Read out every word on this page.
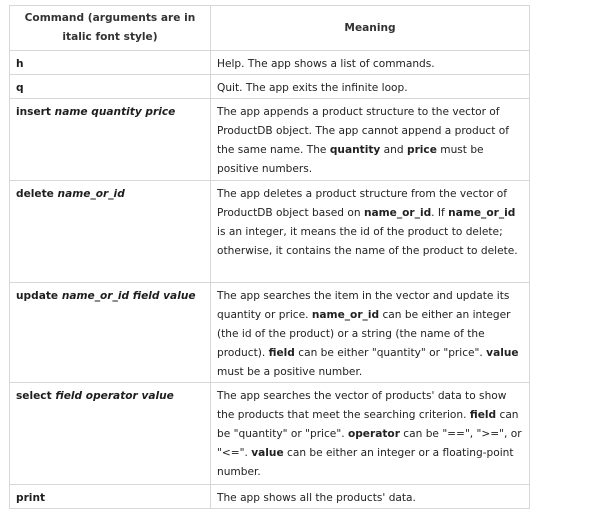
Command (arguments are in italic font style)	Meaning
h	Help. The app shows a list of commands.
q	Quit. The app exits the infinite loop.
insert name quantity price	The app appends a product structure to the vector of ProductDB object. The app cannot append a product of the same name. The quantity and price must be positive numbers.
delete name_or_id	The app deletes a product structure from the vector of ProductDB object based on name_or_id. If name_or_id is an integer, it means the id of the product to delete; otherwise, it contains the name of the product to delete.
update name_or_id field value	The app searches the item in the vector and update its quantity or price. name_or_id can be either an integer (the id of the product) or a string (the name of the product). field can be either "quantity" or "price". value must be a positive number.
select field operator value	The app searches the vector of products' data to show the products that meet the searching criterion. field can be "quantity" or "price". operator can be "==", ">=", or "<=". value can be either an integer or a floating-point number.
print	The app shows all the products' data.
